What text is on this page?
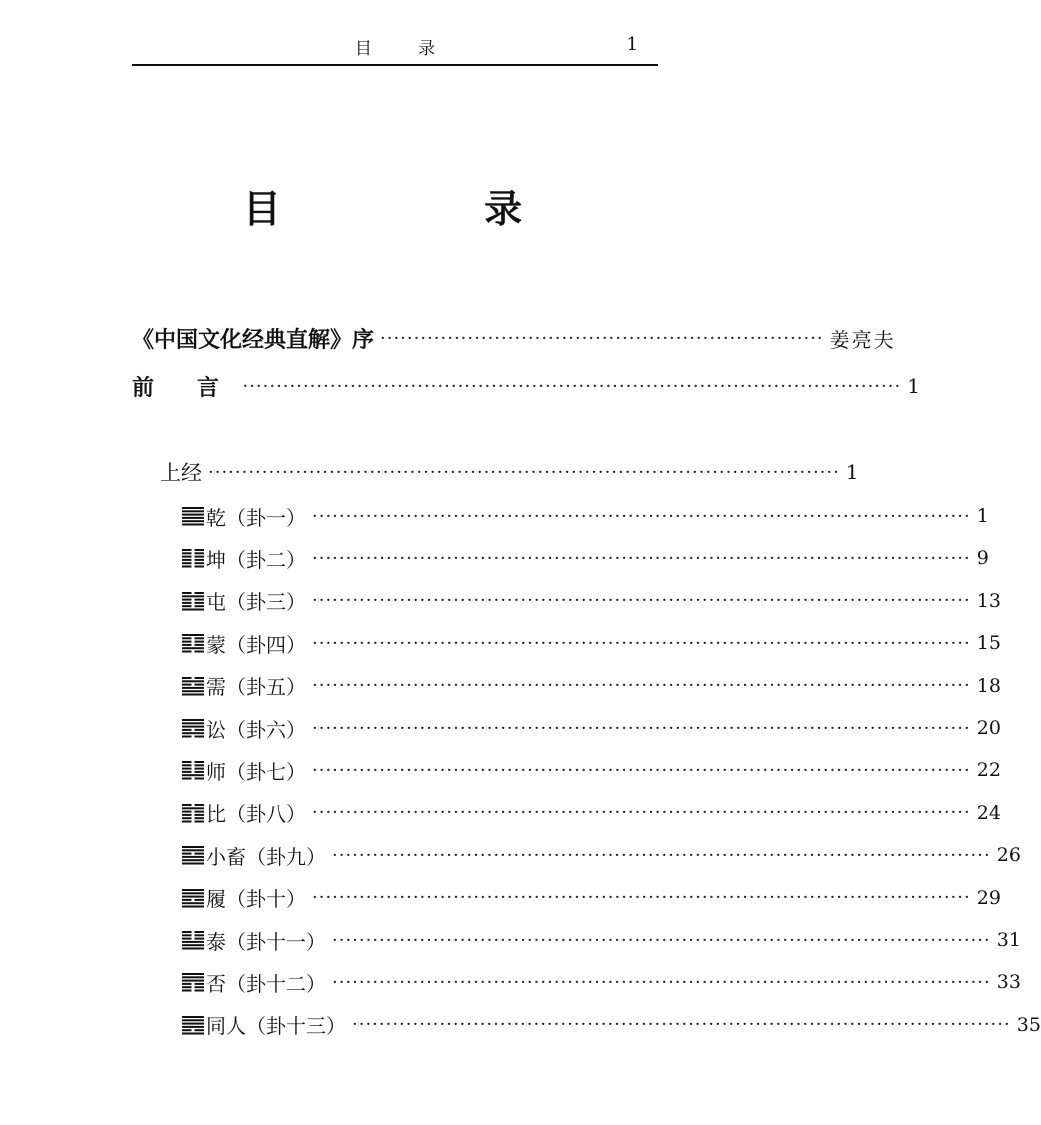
目 录	1
目 录
《中国文化经典直解》序 ·································································· 姜亮夫
前 言 ·································································································· 1
上经 ······························································································ 1
乾（卦一） ·································································································· 1
坤（卦二） ·································································································· 9
屯（卦三） ·································································································· 13
蒙（卦四） ·································································································· 15
需（卦五） ·································································································· 18
讼（卦六） ·································································································· 20
师（卦七） ·································································································· 22
比（卦八） ·································································································· 24
小畜（卦九） ·································································································· 26
履（卦十） ·································································································· 29
泰（卦十一） ·································································································· 31
否（卦十二） ·································································································· 33
同人（卦十三） ·································································································· 35
